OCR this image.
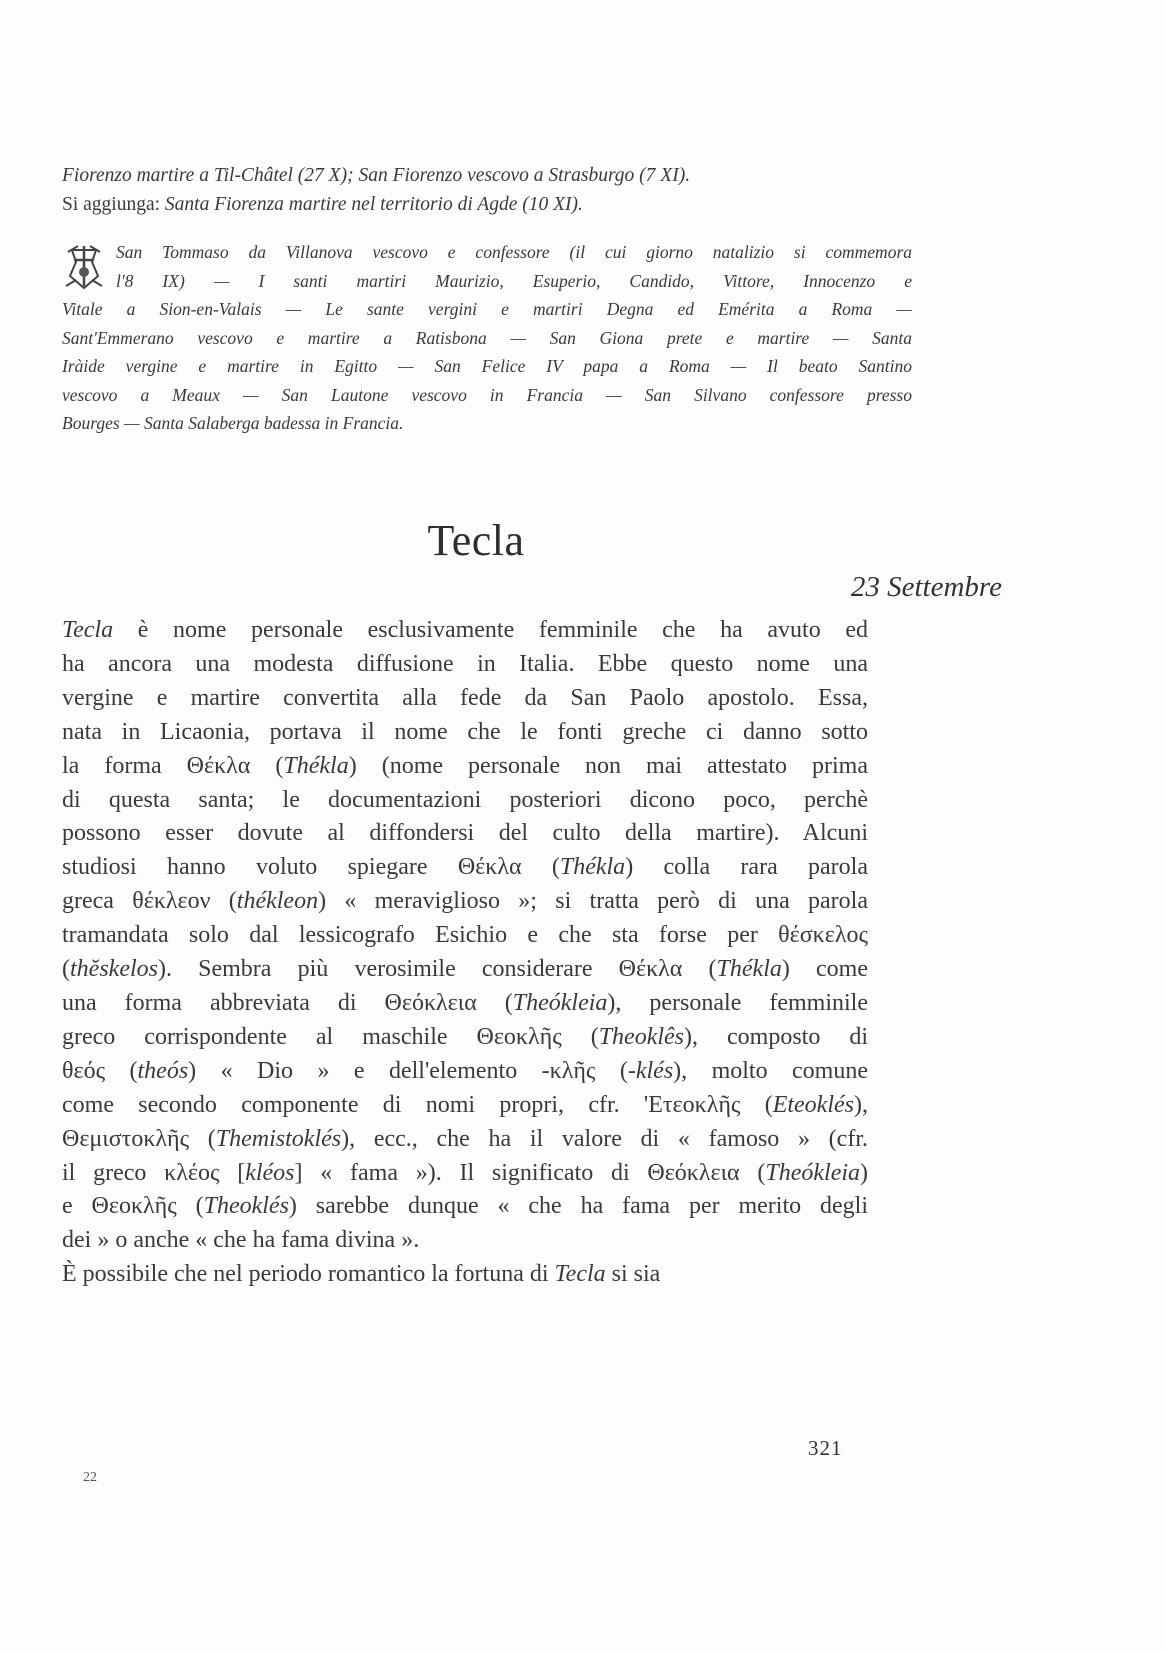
Fiorenzo martire a Til-Châtel (27 X); San Fiorenzo vescovo a Strasburgo (7 XI).
Si aggiunga: Santa Fiorenza martire nel territorio di Agde (10 XI).
San Tommaso da Villanova vescovo e confessore (il cui giorno natalizio si commemora
l'8 IX) — I santi martiri Maurizio, Esuperio, Candido, Vittore, Innocenzo e
Vitale a Sion-en-Valais — Le sante vergini e martiri Degna ed Emérita a Roma —
Sant'Emmerano vescovo e martire a Ratisbona — San Giona prete e martire — Santa
Iràide vergine e martire in Egitto — San Felice IV papa a Roma — Il beato Santino
vescovo a Meaux — San Lautone vescovo in Francia — San Silvano confessore presso
Bourges — Santa Salaberga badessa in Francia.
Tecla
23 Settembre
Tecla è nome personale esclusivamente femminile che ha avuto ed
ha ancora una modesta diffusione in Italia. Ebbe questo nome una
vergine e martire convertita alla fede da San Paolo apostolo. Essa,
nata in Licaonia, portava il nome che le fonti greche ci danno sotto
la forma Θέκλα (Thékla) (nome personale non mai attestato prima
di questa santa; le documentazioni posteriori dicono poco, perchè
possono esser dovute al diffondersi del culto della martire). Alcuni
studiosi hanno voluto spiegare Θέκλα (Thékla) colla rara parola
greca θέκλεον (thékleon) « meraviglioso »; si tratta però di una parola
tramandata solo dal lessicografo Esichio e che sta forse per θέσκελος
(thĕskelos). Sembra più verosimile considerare Θέκλα (Thékla) come
una forma abbreviata di Θεόκλεια (Theókleia), personale femminile
greco corrispondente al maschile Θεοκλῆς (Theoklês), composto di
θεός (theós) « Dio » e dell'elemento -κλῆς (-klés), molto comune
come secondo componente di nomi propri, cfr. 'Ετεοκλῆς (Eteoklés),
Θεμιστοκλῆς (Themistoklés), ecc., che ha il valore di « famoso » (cfr.
il greco κλέος [kléos] « fama »). Il significato di Θεόκλεια (Theókleia)
e Θεοκλῆς (Theoklés) sarebbe dunque « che ha fama per merito degli
dei » o anche « che ha fama divina ».
È possibile che nel periodo romantico la fortuna di Tecla si sia
321
22
